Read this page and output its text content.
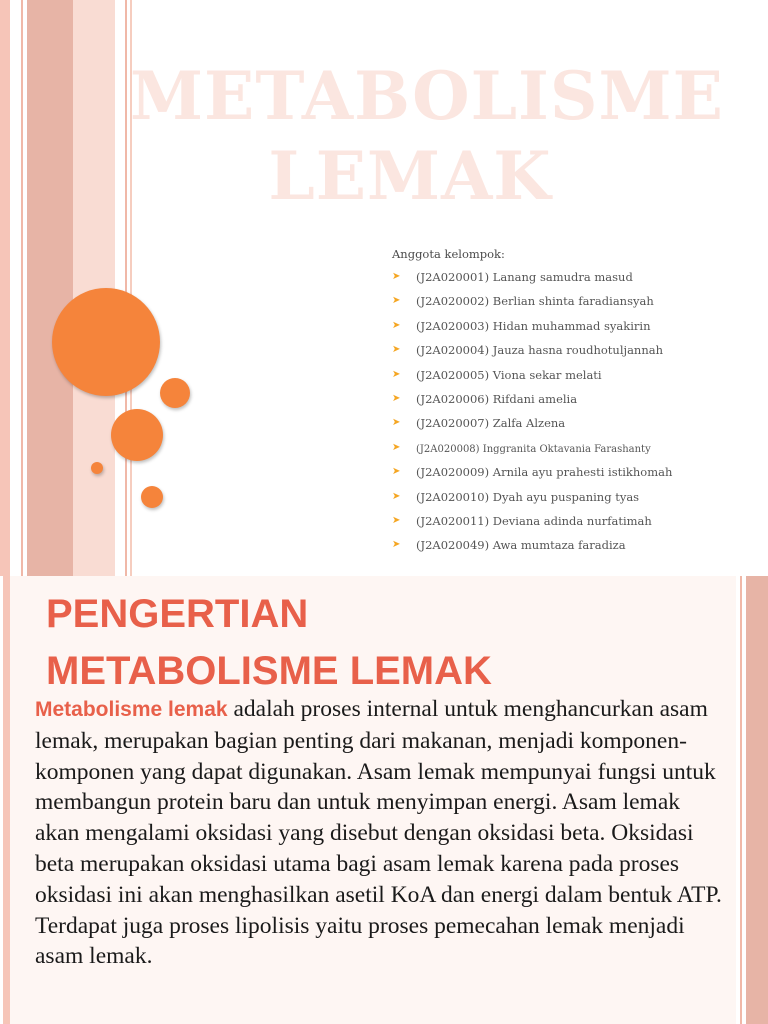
METABOLISME
LEMAK
Anggota kelompok:
➤ (J2A020001) Lanang samudra masud
➤ (J2A020002) Berlian shinta faradiansyah
➤ (J2A020003) Hidan muhammad syakirin
➤ (J2A020004) Jauza hasna roudhotuljannah
➤ (J2A020005) Viona sekar melati
➤ (J2A020006) Rifdani amelia
➤ (J2A020007) Zalfa Alzena
➤ (J2A020008) Inggranita Oktavania Farashanty
➤ (J2A020009) Arnila ayu prahesti istikhomah
➤ (J2A020010) Dyah ayu puspaning tyas
➤ (J2A020011) Deviana adinda nurfatimah
➤ (J2A020049) Awa mumtaza faradiza
PENGERTIAN
METABOLISME LEMAK

Metabolisme lemak adalah proses internal untuk menghancurkan asam lemak, merupakan bagian penting dari makanan, menjadi komponen-komponen yang dapat digunakan. Asam lemak mempunyai fungsi untuk membangun protein baru dan untuk menyimpan energi. Asam lemak akan mengalami oksidasi yang disebut dengan oksidasi beta. Oksidasi beta merupakan oksidasi utama bagi asam lemak karena pada proses oksidasi ini akan menghasilkan asetil KoA dan energi dalam bentuk ATP. Terdapat juga proses lipolisis yaitu proses pemecahan lemak menjadi asam lemak.
